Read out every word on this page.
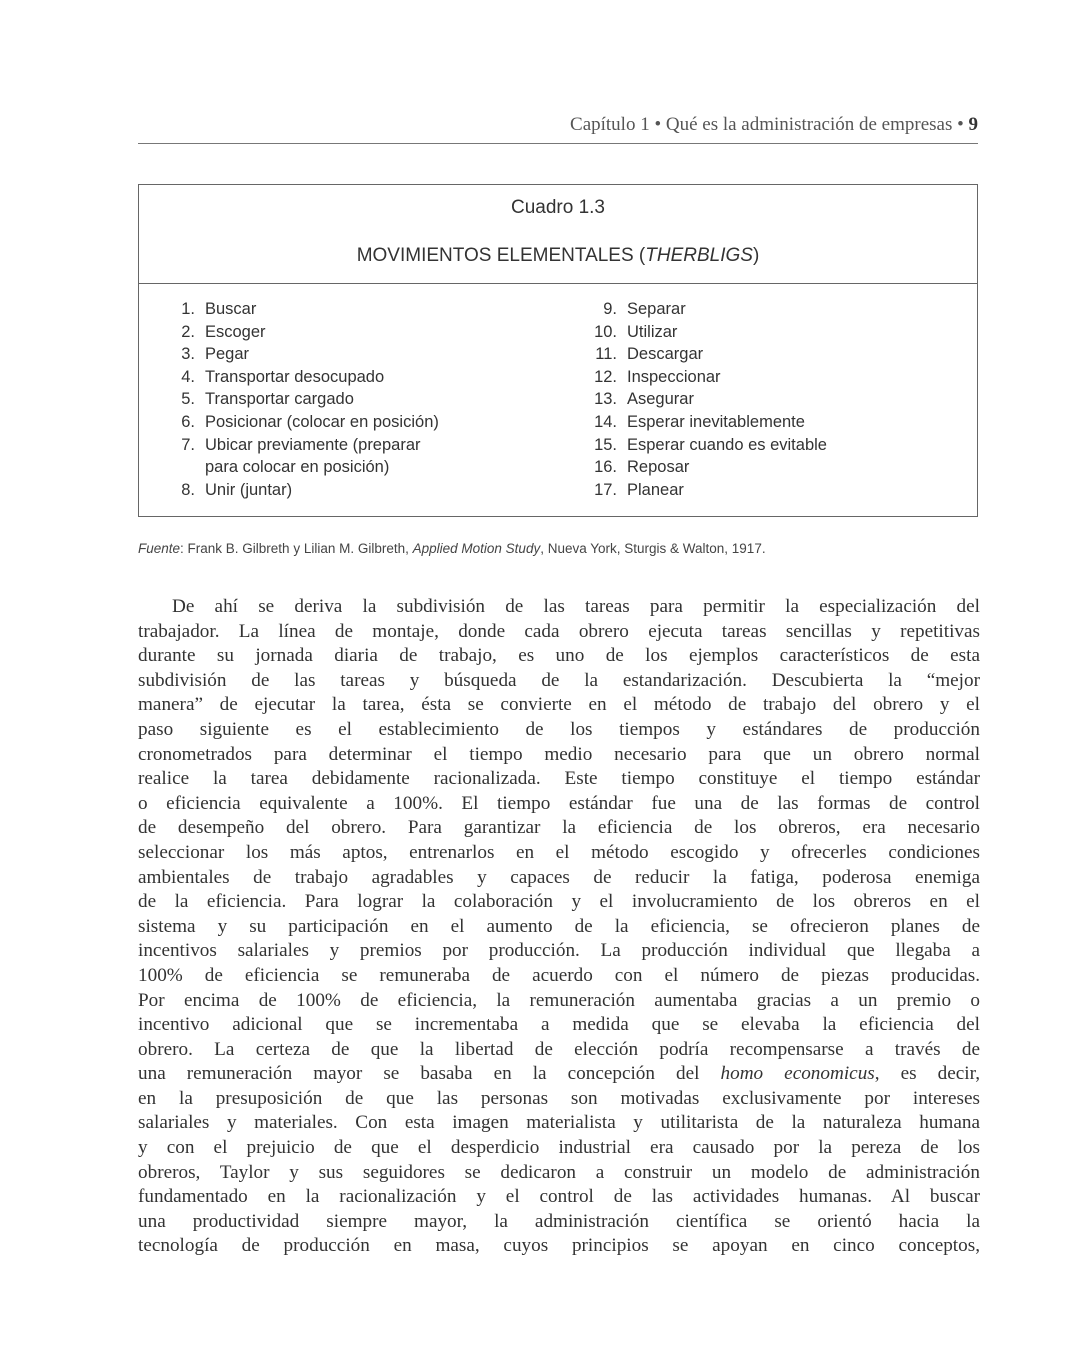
Capítulo 1 • Qué es la administración de empresas • 9
Cuadro 1.3
MOVIMIENTOS ELEMENTALES (THERBLIGS)
1. Buscar
2. Escoger
3. Pegar
4. Transportar desocupado
5. Transportar cargado
6. Posicionar (colocar en posición)
7. Ubicar previamente (preparar
para colocar en posición)
8. Unir (juntar)
9. Separar
10. Utilizar
11. Descargar
12. Inspeccionar
13. Asegurar
14. Esperar inevitablemente
15. Esperar cuando es evitable
16. Reposar
17. Planear
Fuente: Frank B. Gilbreth y Lilian M. Gilbreth, Applied Motion Study, Nueva York, Sturgis & Walton, 1917.
De ahí se deriva la subdivisión de las tareas para permitir la especialización del
trabajador. La línea de montaje, donde cada obrero ejecuta tareas sencillas y repetitivas
durante su jornada diaria de trabajo, es uno de los ejemplos característicos de esta
subdivisión de las tareas y búsqueda de la estandarización. Descubierta la “mejor
manera” de ejecutar la tarea, ésta se convierte en el método de trabajo del obrero y el
paso siguiente es el establecimiento de los tiempos y estándares de producción
cronometrados para determinar el tiempo medio necesario para que un obrero normal
realice la tarea debidamente racionalizada. Este tiempo constituye el tiempo estándar
o eficiencia equivalente a 100%. El tiempo estándar fue una de las formas de control
de desempeño del obrero. Para garantizar la eficiencia de los obreros, era necesario
seleccionar los más aptos, entrenarlos en el método escogido y ofrecerles condiciones
ambientales de trabajo agradables y capaces de reducir la fatiga, poderosa enemiga
de la eficiencia. Para lograr la colaboración y el involucramiento de los obreros en el
sistema y su participación en el aumento de la eficiencia, se ofrecieron planes de
incentivos salariales y premios por producción. La producción individual que llegaba a
100% de eficiencia se remuneraba de acuerdo con el número de piezas producidas.
Por encima de 100% de eficiencia, la remuneración aumentaba gracias a un premio o
incentivo adicional que se incrementaba a medida que se elevaba la eficiencia del
obrero. La certeza de que la libertad de elección podría recompensarse a través de
una remuneración mayor se basaba en la concepción del homo economicus, es decir,
en la presuposición de que las personas son motivadas exclusivamente por intereses
salariales y materiales. Con esta imagen materialista y utilitarista de la naturaleza humana
y con el prejuicio de que el desperdicio industrial era causado por la pereza de los
obreros, Taylor y sus seguidores se dedicaron a construir un modelo de administración
fundamentado en la racionalización y el control de las actividades humanas. Al buscar
una productividad siempre mayor, la administración científica se orientó hacia la
tecnología de producción en masa, cuyos principios se apoyan en cinco conceptos,
